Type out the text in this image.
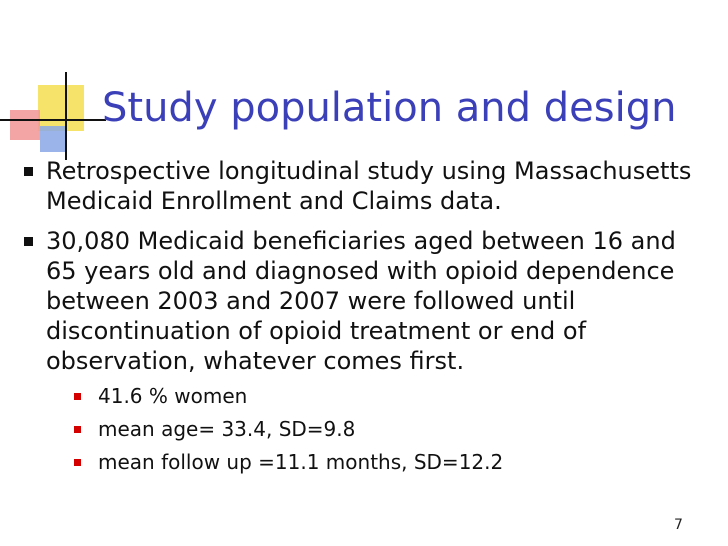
Study population and design
Retrospective longitudinal study using Massachusetts Medicaid Enrollment and Claims data.
30,080 Medicaid beneficiaries aged between 16 and 65 years old and diagnosed with opioid dependence between 2003 and 2007 were followed until discontinuation of opioid treatment or end of observation, whatever comes first.
41.6 % women
mean age= 33.4, SD=9.8
mean follow up =11.1 months, SD=12.2
7
